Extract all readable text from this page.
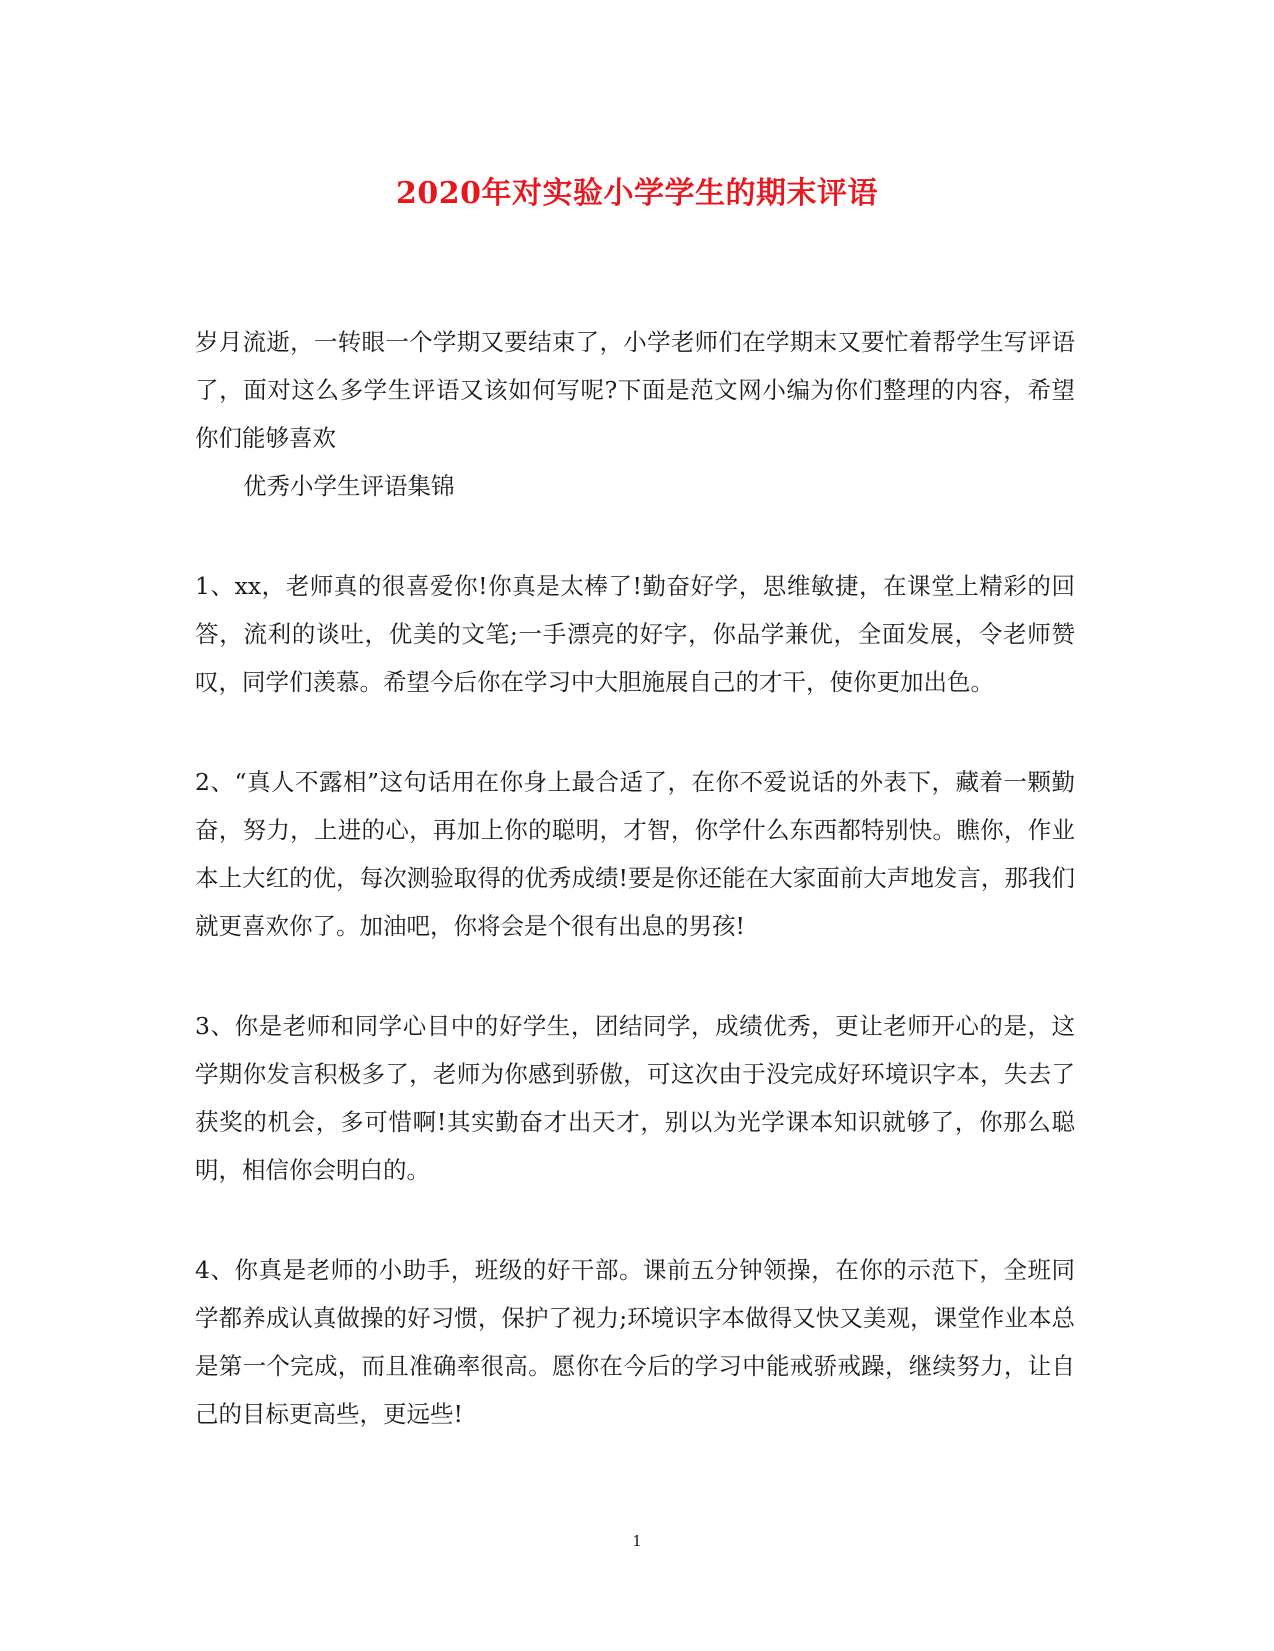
2020年对实验小学学生的期末评语

岁月流逝，一转眼一个学期又要结束了，小学老师们在学期末又要忙着帮学生写评语了，面对这么多学生评语又该如何写呢?下面是范文网小编为你们整理的内容，希望你们能够喜欢

优秀小学生评语集锦

1、xx，老师真的很喜爱你!你真是太棒了!勤奋好学，思维敏捷，在课堂上精彩的回答，流利的谈吐，优美的文笔;一手漂亮的好字，你品学兼优，全面发展，令老师赞叹，同学们羡慕。希望今后你在学习中大胆施展自己的才干，使你更加出色。

2、“真人不露相”这句话用在你身上最合适了，在你不爱说话的外表下，藏着一颗勤奋，努力，上进的心，再加上你的聪明，才智，你学什么东西都特别快。瞧你，作业本上大红的优，每次测验取得的优秀成绩!要是你还能在大家面前大声地发言，那我们就更喜欢你了。加油吧，你将会是个很有出息的男孩!

3、你是老师和同学心目中的好学生，团结同学，成绩优秀，更让老师开心的是，这学期你发言积极多了，老师为你感到骄傲，可这次由于没完成好环境识字本，失去了获奖的机会，多可惜啊!其实勤奋才出天才，别以为光学课本知识就够了，你那么聪明，相信你会明白的。

4、你真是老师的小助手，班级的好干部。课前五分钟领操，在你的示范下，全班同学都养成认真做操的好习惯，保护了视力;环境识字本做得又快又美观，课堂作业本总是第一个完成，而且准确率很高。愿你在今后的学习中能戒骄戒躁，继续努力，让自己的目标更高些，更远些!

1
